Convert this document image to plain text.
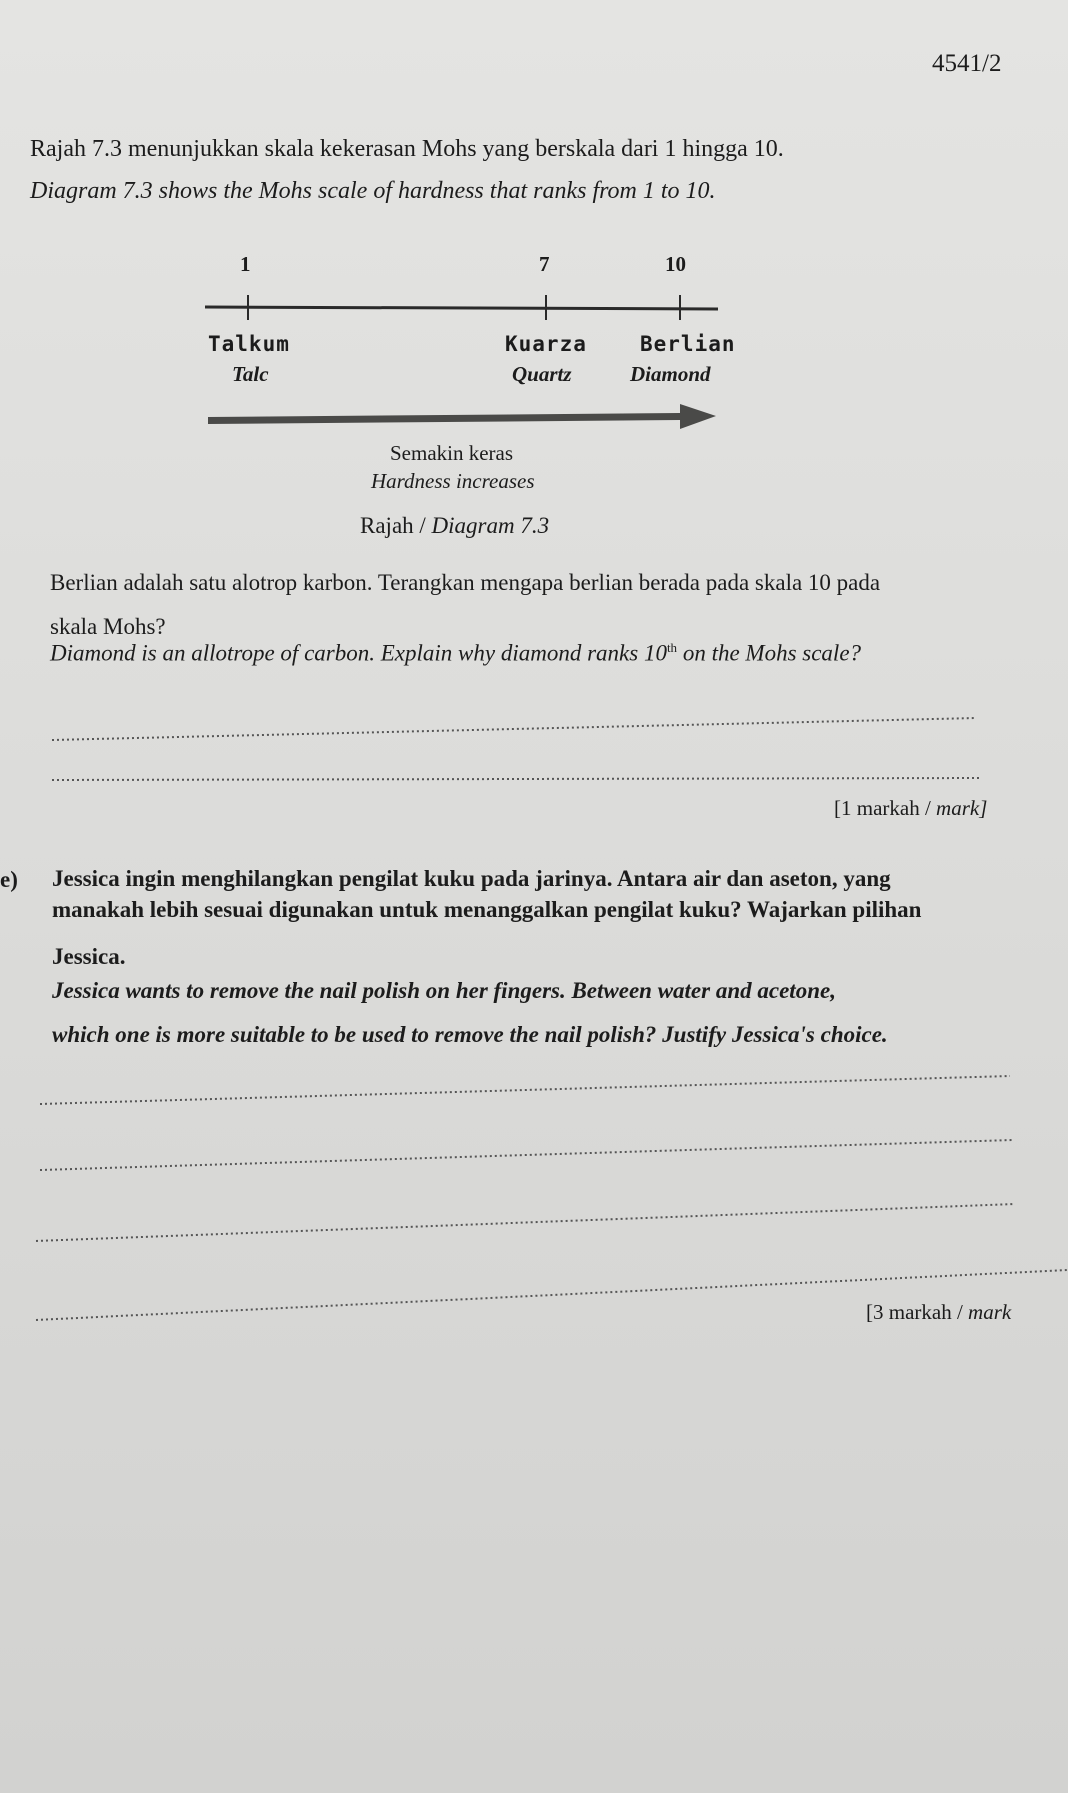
4541/2
Rajah 7.3 menunjukkan skala kekerasan Mohs yang berskala dari 1 hingga 10.
Diagram 7.3 shows the Mohs scale of hardness that ranks from 1 to 10.
1	7	10
Talkum	Kuarza	Berlian
Talc	Quartz	Diamond
Semakin keras
Hardness increases
Rajah / Diagram 7.3
Berlian adalah satu alotrop karbon. Terangkan mengapa berlian berada pada skala 10 pada
skala Mohs?
Diamond is an allotrope of carbon. Explain why diamond ranks 10th on the Mohs scale?
[1 markah / mark]
e) Jessica ingin menghilangkan pengilat kuku pada jarinya. Antara air dan aseton, yang
manakah lebih sesuai digunakan untuk menanggalkan pengilat kuku? Wajarkan pilihan
Jessica.
Jessica wants to remove the nail polish on her fingers. Between water and acetone,
which one is more suitable to be used to remove the nail polish? Justify Jessica's choice.
[3 markah / mark
